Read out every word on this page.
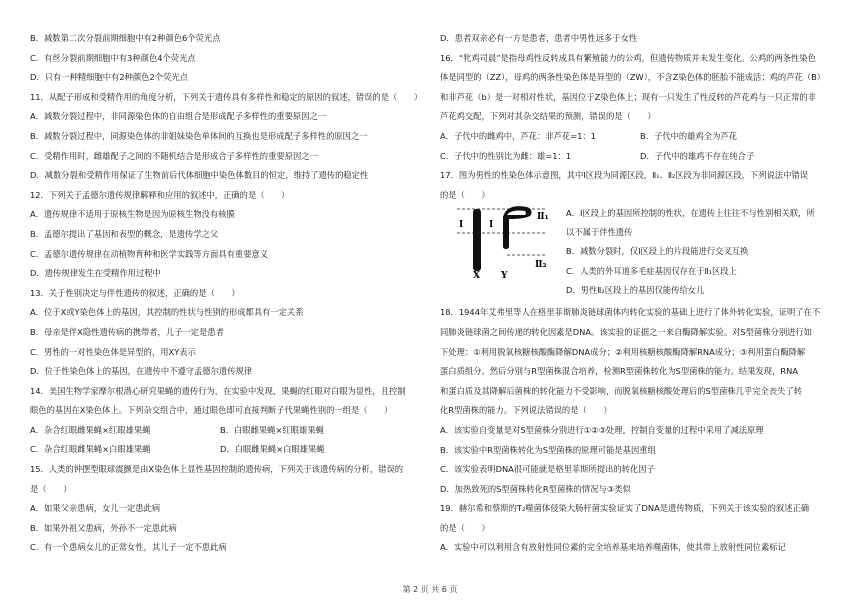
B．减数第二次分裂前期细胞中有2种颜色6个荧光点
C．有丝分裂前期细胞中有3种颜色4个荧光点
D．只有一种精细胞中有2种颜色2个荧光点
11．从配子形成和受精作用的角度分析，下列关于遗传具有多样性和稳定的原因的叙述，错误的是（　　）
A．减数分裂过程中，非同源染色体的自由组合是形成配子多样性的重要原因之一
B．减数分裂过程中，同源染色体的非姐妹染色单体间的互换也是形成配子多样性的原因之一
C．受精作用时，雌雄配子之间的不随机结合是形成合子多样性的重要原因之一
D．减数分裂和受精作用保证了生物前后代体细胞中染色体数目的恒定，维持了遗传的稳定性
12．下列关于孟德尔遗传规律解释和应用的叙述中，正确的是（　　）
A．遗传规律不适用于原核生物是因为原核生物没有核膜
B．孟德尔提出了基因和表型的概念，是遗传学之父
C．孟德尔遗传规律在动植物育种和医学实践等方面具有重要意义
D．遗传规律发生在受精作用过程中
13．关于性别决定与伴性遗传的叙述，正确的是（　　）
A．位于X或Y染色体上的基因，其控制的性状与性别的形成都具有一定关系
B．母亲是伴X隐性遗传病的携带者，儿子一定是患者
C．男性的一对性染色体是异型的，用XY表示
D．位于性染色体上的基因，在遗传中不遵守孟德尔遗传规律
14．美国生物学家摩尔根潜心研究果蝇的遗传行为，在实验中发现，果蝇的红眼对白眼为显性，且控制
眼色的基因在X染色体上。下列杂交组合中，通过眼色即可直接判断子代果蝇性别的一组是（　　）
A．杂合红眼雌果蝇×红眼雄果蝇	B．白眼雌果蝇×红眼雄果蝇
C．杂合红眼雌果蝇×白眼雄果蝇	D．白眼雌果蝇×白眼雄果蝇
15．人类的钟摆型眼球震颤是由X染色体上显性基因控制的遗传病，下列关于该遗传病的分析，错误的
是（　　）
A．如果父亲患病，女儿一定患此病
B．如果外祖父患病，外孙不一定患此病
C．有一个患病女儿的正常女性，其儿子一定不患此病
D．患者双亲必有一方是患者，患者中男性远多于女性
16．“牝鸡司晨”是指母鸡性反转成具有繁殖能力的公鸡，但遗传物质并未发生变化。公鸡的两条性染色
体是同型的（ZZ），母鸡的两条性染色体是异型的（ZW），不含Z染色体的胚胎不能成活；鸡的芦花（B）
和非芦花（b）是一对相对性状，基因位于Z染色体上；现有一只发生了性反转的芦花鸡与一只正常的非
芦花鸡交配，下列对其杂交结果的预测，错误的是（　　）
A．子代中的雌鸡中，芦花：非芦花=1：1	B．子代中的雄鸡全为芦花
C．子代中的性别比为雌：雄=1：1	D．子代中的雄鸡不存在纯合子
17．图为男性的性染色体示意图，其中Ⅰ区段为同源区段，Ⅱ₁、Ⅱ₂区段为非同源区段，下列说法中错误
的是（　　）
18．1944年艾弗里等人在格里菲斯肺炎链球菌体内转化实验的基础上进行了体外转化实验，证明了在不
同肺炎链球菌之间传递的转化因素是DNA。该实验的证据之一来自酶降解实验。对S型菌株分别进行如
下处理：①利用脱氧核糖核酸酶降解DNA成分；②利用核糖核酸酶降解RNA成分；③利用蛋白酶降解
蛋白质组分。然后分别与R型菌株混合培养，检测R型菌株转化为S型菌株的能力。结果发现，RNA
和蛋白质及其降解后菌株的转化能力不受影响，而脱氧核糖核酸处理后的S型菌株几乎完全丧失了转
化R型菌株的能力。下列说法错误的是（　　）
A．该实验自变量是对S型菌株分别进行①②③处理，控制自变量的过程中采用了减法原理
B．该实验中R型菌株转化为S型菌株的原理可能是基因重组
C．该实验表明DNA很可能就是格里菲斯所提出的转化因子
D．加热致死的S型菌株转化R型菌株的情况与③类似
19．赫尔希和蔡斯的T₂噬菌体侵染大肠杆菌实验证实了DNA是遗传物质，下列关于该实验的叙述正确
的是（　　）
A．实验中可以利用含有放射性同位素的完全培养基来培养噬菌体，使其带上放射性同位素标记
Ⅰ	Ⅰ
Ⅱ₁
Ⅱ₂
X Y
A．Ⅰ区段上的基因所控制的性状，在遗传上往往不与性别相关联，所
以不属于伴性遗传
B．减数分裂时，仅Ⅰ区段上的片段能进行交叉互换
C．人类的外耳道多毛症基因仅存在于Ⅱ₁区段上
D．男性Ⅱ₂区段上的基因仅能传给女儿
第 2 页 共 6 页
